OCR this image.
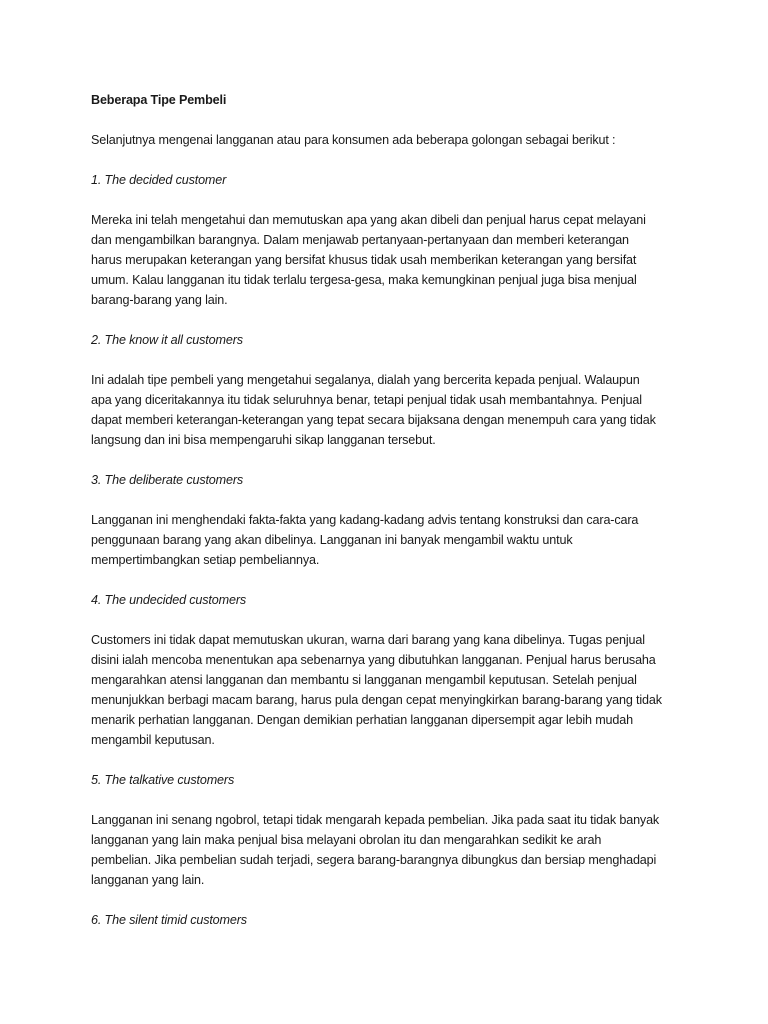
Beberapa Tipe Pembeli
Selanjutnya mengenai langganan atau para konsumen ada beberapa golongan sebagai berikut :
1. The decided customer
Mereka ini telah mengetahui dan memutuskan apa yang akan dibeli dan penjual harus cepat melayani
dan mengambilkan barangnya. Dalam menjawab pertanyaan-pertanyaan dan memberi keterangan
harus merupakan keterangan yang bersifat khusus tidak usah memberikan keterangan yang bersifat
umum. Kalau langganan itu tidak terlalu tergesa-gesa, maka kemungkinan penjual juga bisa menjual
barang-barang yang lain.
2. The know it all customers
Ini adalah tipe pembeli yang mengetahui segalanya, dialah yang bercerita kepada penjual. Walaupun
apa yang diceritakannya itu tidak seluruhnya benar, tetapi penjual tidak usah membantahnya. Penjual
dapat memberi keterangan-keterangan yang tepat secara bijaksana dengan menempuh cara yang tidak
langsung dan ini bisa mempengaruhi sikap langganan tersebut.
3. The deliberate customers
Langganan ini menghendaki fakta-fakta yang kadang-kadang advis tentang konstruksi dan cara-cara
penggunaan barang yang akan dibelinya. Langganan ini banyak mengambil waktu untuk
mempertimbangkan setiap pembeliannya.
4. The undecided customers
Customers ini tidak dapat memutuskan ukuran, warna dari barang yang kana dibelinya. Tugas penjual
disini ialah mencoba menentukan apa sebenarnya yang dibutuhkan langganan. Penjual harus berusaha
mengarahkan atensi langganan dan membantu si langganan mengambil keputusan. Setelah penjual
menunjukkan berbagi macam barang, harus pula dengan cepat menyingkirkan barang-barang yang tidak
menarik perhatian langganan. Dengan demikian perhatian langganan dipersempit agar lebih mudah
mengambil keputusan.
5. The talkative customers
Langganan ini senang ngobrol, tetapi tidak mengarah kepada pembelian. Jika pada saat itu tidak banyak
langganan yang lain maka penjual bisa melayani obrolan itu dan mengarahkan sedikit ke arah
pembelian. Jika pembelian sudah terjadi, segera barang-barangnya dibungkus dan bersiap menghadapi
langganan yang lain.
6. The silent timid customers
